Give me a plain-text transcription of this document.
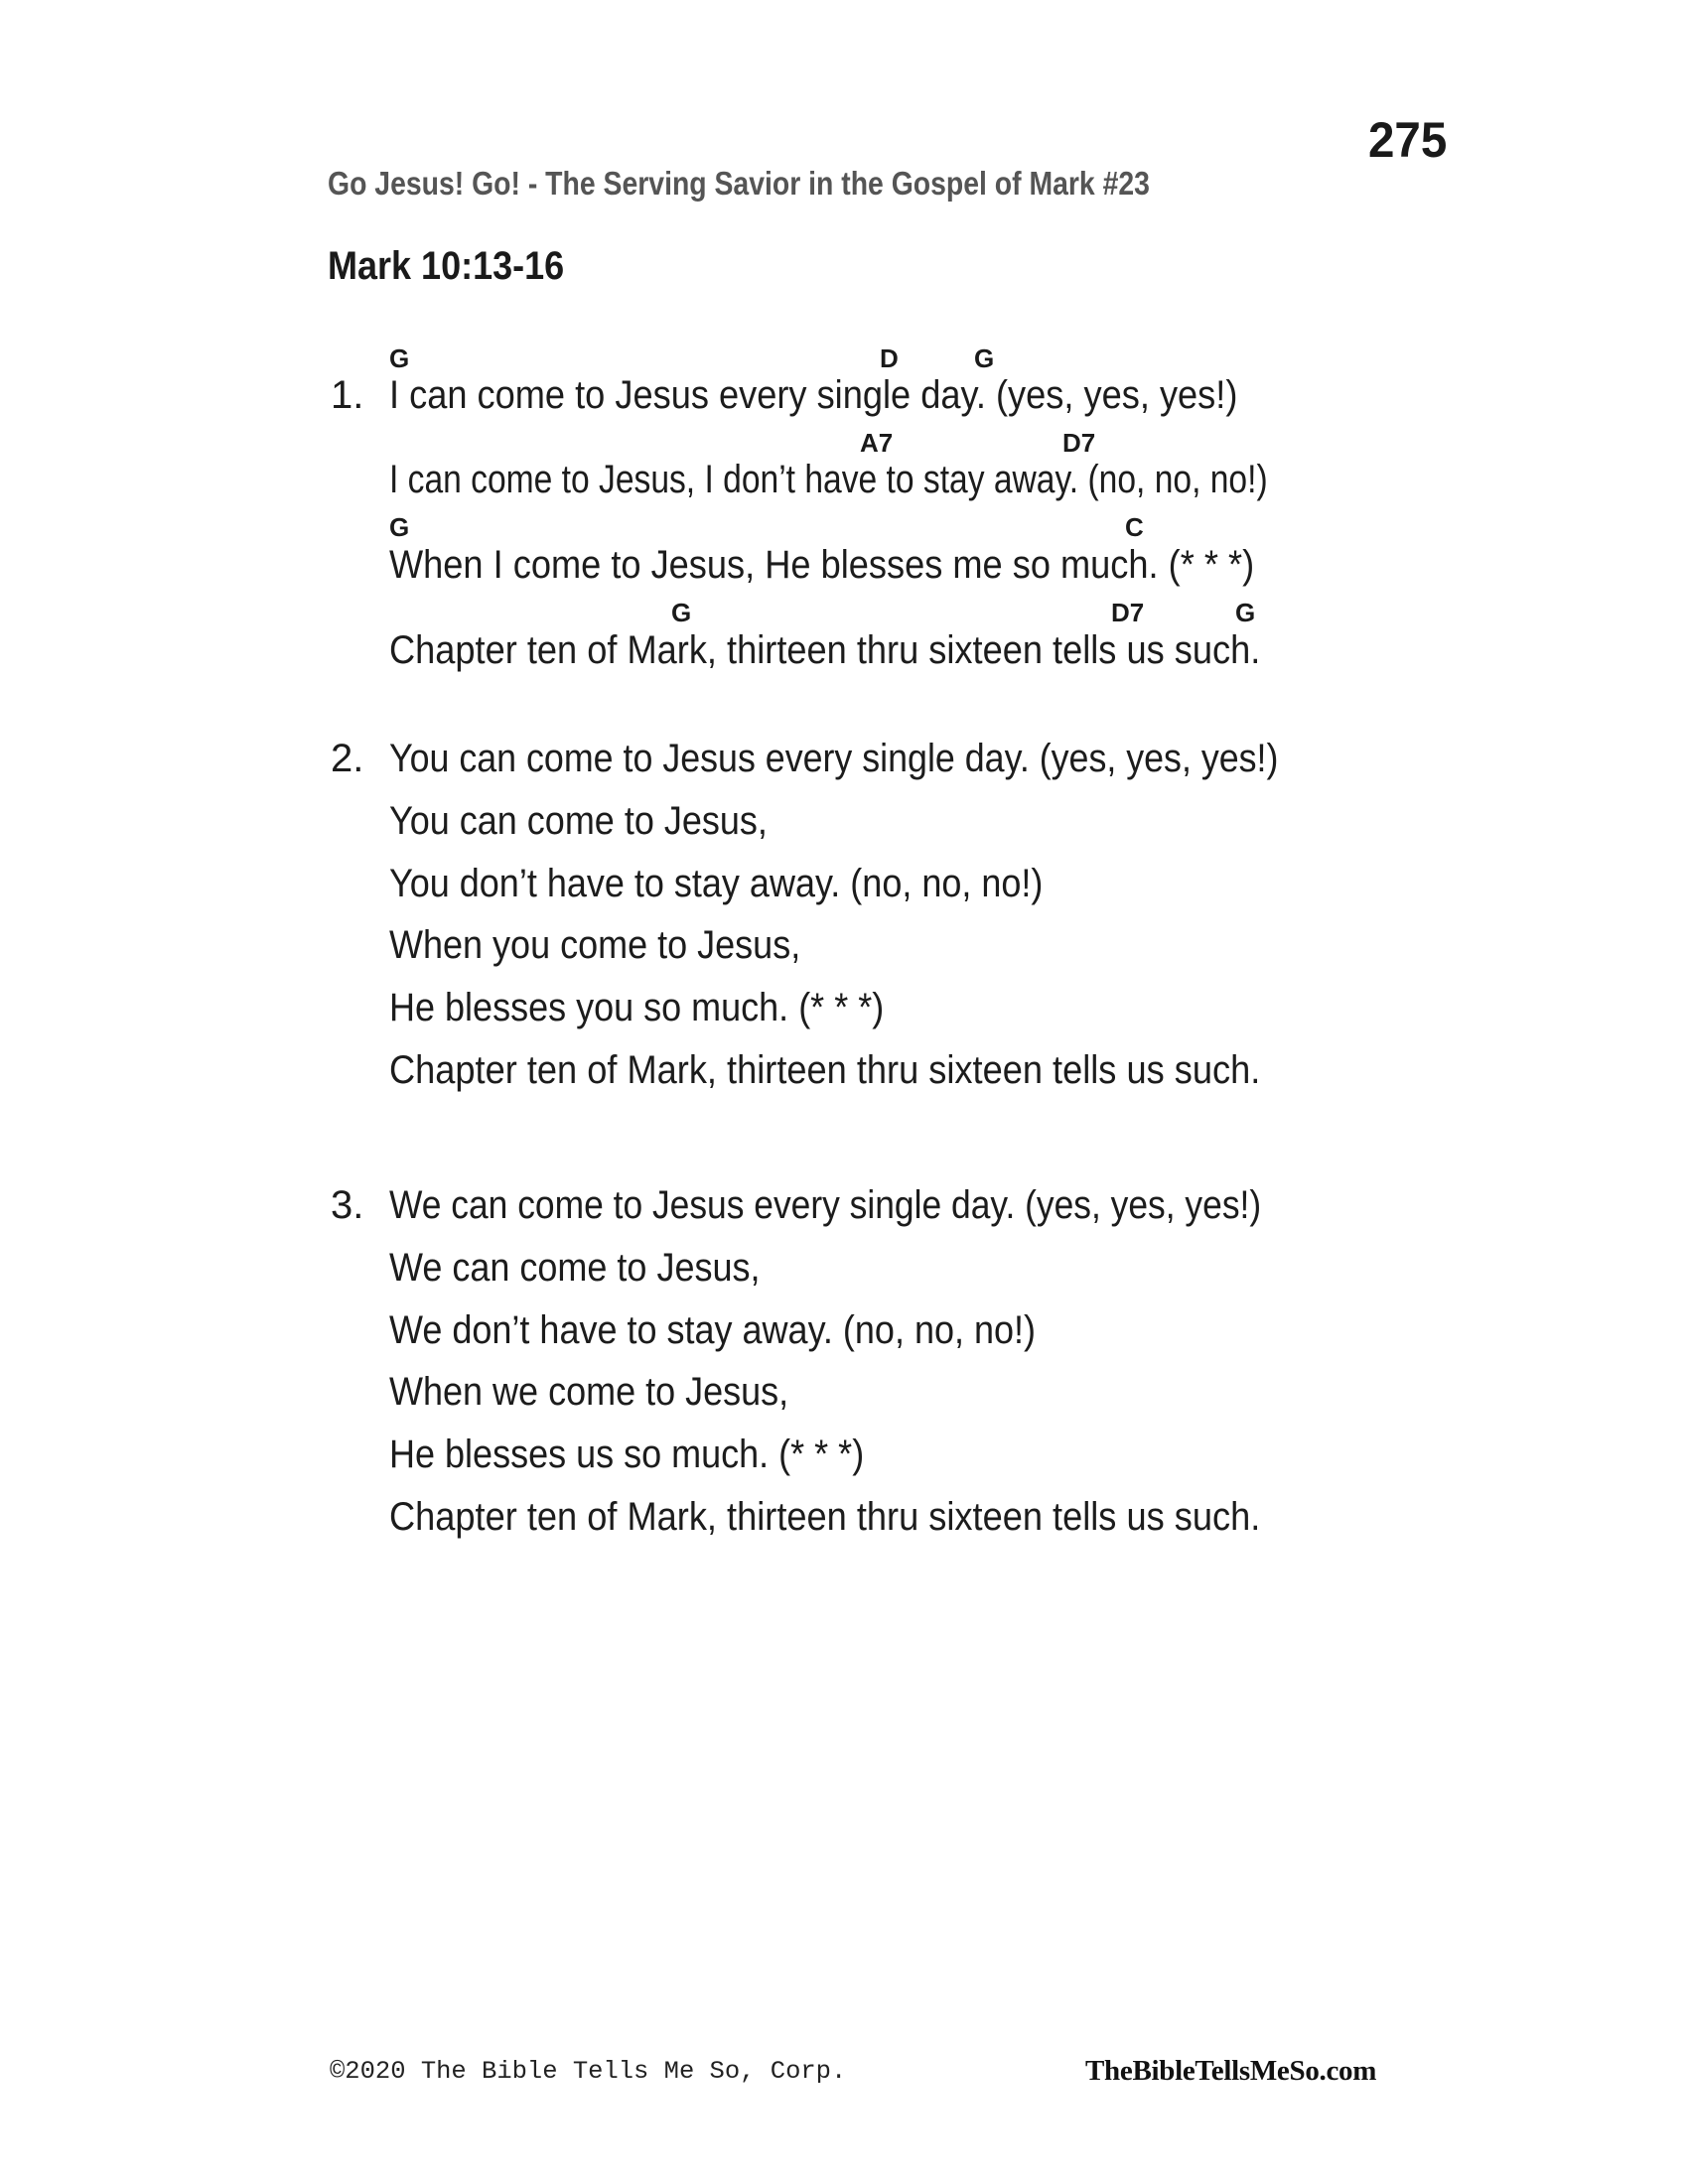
275
Go Jesus! Go! - The Serving Savior in the Gospel of Mark #23
Mark 10:13-16
1.
G	D	G
I can come to Jesus every single day. (yes, yes, yes!)
A7	D7
I can come to Jesus, I don’t have to stay away. (no, no, no!)
G	C
When I come to Jesus, He blesses me so much. (* * *)
G	D7	G
Chapter ten of Mark, thirteen thru sixteen tells us such.
2. You can come to Jesus every single day. (yes, yes, yes!)
You can come to Jesus,
You don’t have to stay away. (no, no, no!)
When you come to Jesus,
He blesses you so much. (* * *)
Chapter ten of Mark, thirteen thru sixteen tells us such.
3. We can come to Jesus every single day. (yes, yes, yes!)
We can come to Jesus,
We don’t have to stay away. (no, no, no!)
When we come to Jesus,
He blesses us so much. (* * *)
Chapter ten of Mark, thirteen thru sixteen tells us such.
©2020 The Bible Tells Me So, Corp.	TheBibleTellsMeSo.com
